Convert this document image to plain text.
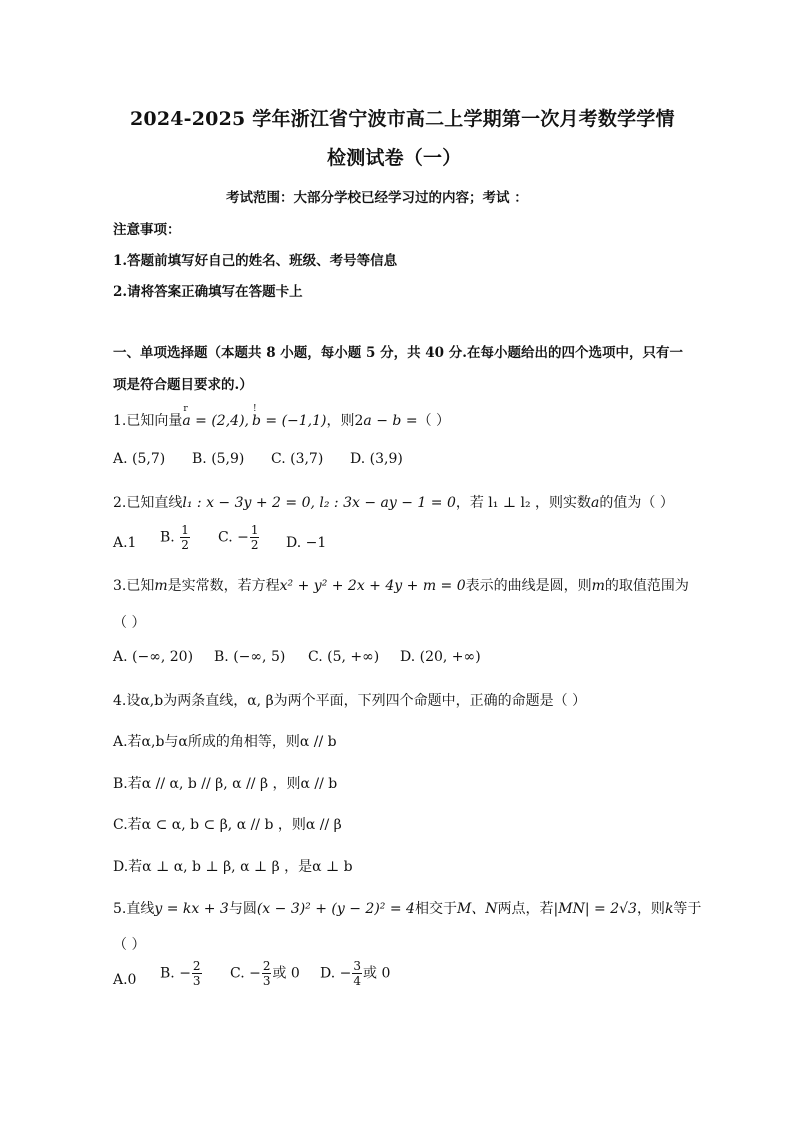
2024-2025 学年浙江省宁波市高二上学期第一次月考数学学情
检测试卷（一）
考试范围：大部分学校已经学习过的内容；考试 ：
注意事项：
1.答题前填写好自己的姓名、班级、考号等信息
2.请将答案正确填写在答题卡上
一、单项选择题（本题共 8 小题，每小题 5 分，共 40 分.在每小题给出的四个选项中，只有一
项是符合题目要求的.）
1.已知向量
r
a = (2,4),
!
b = (−1,1)，则2a − b =（ ）
A. (5,7) B. (5,9) C. (3,7) D. (3,9)
2.已知直线l₁ : x − 3y + 2 = 0, l₂ : 3x − ay − 1 = 0，若 l₁ ⊥ l₂ ，则实数a的值为（ ）
A.1 B. $\frac{1}{2} C$. − $\frac{1}{2} D$. −1
3.已知m是实常数，若方程x² + y² + 2x + 4y + m = 0表示的曲线是圆，则m的取值范围为
（ ）
A. (−∞, 20) B. (−∞, 5) C. (5, +∞) D. (20, +∞)
4.设α,b为两条直线，α, β为两个平面，下列四个命题中，正确的命题是（ ）
A.若α,b与α所成的角相等，则α // b
B.若α // α, b // β, α // β ，则α // b
C.若α ⊂ α, b ⊂ β, α // b ，则α // β
D.若α ⊥ α, b ⊥ β, α ⊥ β ，是α ⊥ b
5.直线y = kx + 3与圆(x − 3)² + (y − 2)² = 4相交于M、N两点，若|MN| = 2√3，则k等于
（ ）
A.0 B. − $\frac{2}{3} C$. − $\frac{2}{3}$ 或 0 D. − $\frac{3}{4}$ 或 0
